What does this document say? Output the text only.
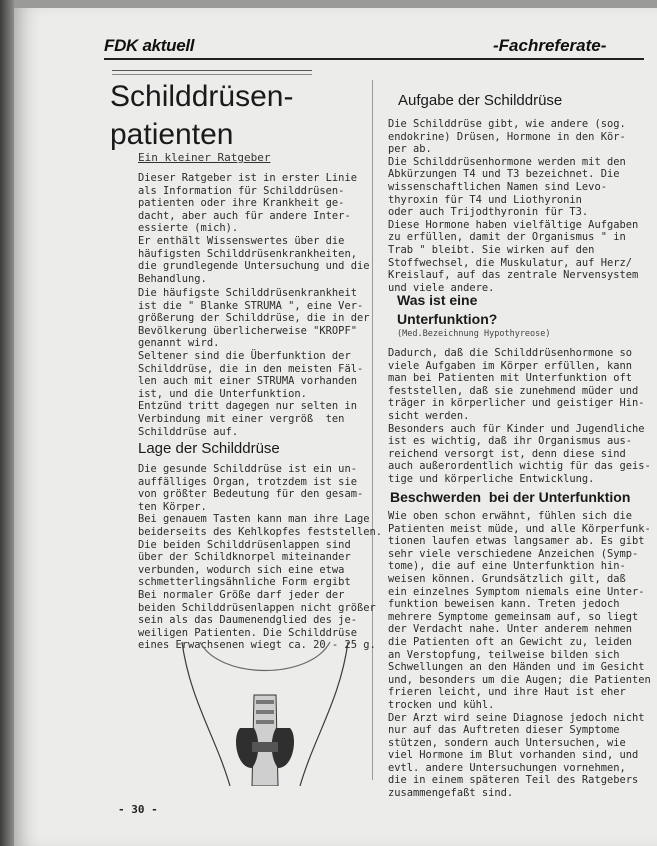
FDK aktuell	-Fachreferate-
Schilddrüsen-
patienten
Ein kleiner Ratgeber

Dieser Ratgeber ist in erster Linie
als Information für Schilddrüsen-
patienten oder ihre Krankheit ge-
dacht, aber auch für andere Inter-
essierte (mich).
Er enthält Wissenswertes über die
häufigsten Schilddrüsenkrankheiten,
die grundlegende Untersuchung und die
Behandlung.

Die häufigste Schilddrüsenkrankheit
ist die " Blanke STRUMA ", eine Ver-
größerung der Schilddrüse, die in der
Bevölkerung überlicherweise "KROPF"
genannt wird.
Seltener sind die Überfunktion der
Schilddrüse, die in den meisten Fäl-
len auch mit einer STRUMA vorhanden
ist, und die Unterfunktion.
Entzünd tritt dagegen nur selten in
Verbindung mit einer vergröß  ten
Schilddrüse auf.

Lage der Schilddrüse

Die gesunde Schilddrüse ist ein un-
auffälliges Organ, trotzdem ist sie
von größter Bedeutung für den gesam-
ten Körper.
Bei genauem Tasten kann man ihre Lage
beiderseits des Kehlkopfes feststellen.
Die beiden Schilddrüsenlappen sind
über der Schildknorpel miteinander
verbunden, wodurch sich eine etwa
schmetterlingsähnliche Form ergibt
Bei normaler Größe darf jeder der
beiden Schilddrüsenlappen nicht größer
sein als das Daumenendglied des je-
weiligen Patienten. Die Schilddrüse
eines Erwachsenen wiegt ca. 20 - 25 g.

Aufgabe der Schilddrüse

Die Schilddrüse gibt, wie andere (sog.
endokrine) Drüsen, Hormone in den Kör-
per ab.
Die Schilddrüsenhormone werden mit den
Abkürzungen T4 und T3 bezeichnet. Die
wissenschaftlichen Namen sind Levo-
thyroxin für T4 und Liothyronin
oder auch Trijodthyronin für T3.
Diese Hormone haben vielfältige Aufgaben
zu erfüllen, damit der Organismus " in
Trab " bleibt. Sie wirken auf den
Stoffwechsel, die Muskulatur, auf Herz/
Kreislauf, auf das zentrale Nervensystem
und viele andere.

Was ist eine
Unterfunktion?
(Med.Bezeichnung Hypothyreose)

Dadurch, daß die Schilddrüsenhormone so
viele Aufgaben im Körper erfüllen, kann
man bei Patienten mit Unterfunktion oft
feststellen, daß sie zunehmend müder und
träger in körperlicher und geistiger Hin-
sicht werden.
Besonders auch für Kinder und Jugendliche
ist es wichtig, daß ihr Organismus aus-
reichend versorgt ist, denn diese sind
auch außerordentlich wichtig für das geis-
tige und körperliche Entwicklung.

Beschwerden  bei der Unterfunktion

Wie oben schon erwähnt, fühlen sich die
Patienten meist müde, und alle Körperfunk-
tionen laufen etwas langsamer ab. Es gibt
sehr viele verschiedene Anzeichen (Symp-
tome), die auf eine Unterfunktion hin-
weisen können. Grundsätzlich gilt, daß
ein einzelnes Symptom niemals eine Unter-
funktion beweisen kann. Treten jedoch
mehrere Symptome gemeinsam auf, so liegt
der Verdacht nahe. Unter anderem nehmen
die Patienten oft an Gewicht zu, leiden
an Verstopfung, teilweise bilden sich
Schwellungen an den Händen und im Gesicht
und, besonders um die Augen; die Patienten
frieren leicht, und ihre Haut ist eher
trocken und kühl.
Der Arzt wird seine Diagnose jedoch nicht
nur auf das Auftreten dieser Symptome
stützen, sondern auch Untersuchen, wie
viel Hormone im Blut vorhanden sind, und
evtl. andere Untersuchungen vornehmen,
die in einem späteren Teil des Ratgebers
zusammengefaßt sind.

- 30 -
